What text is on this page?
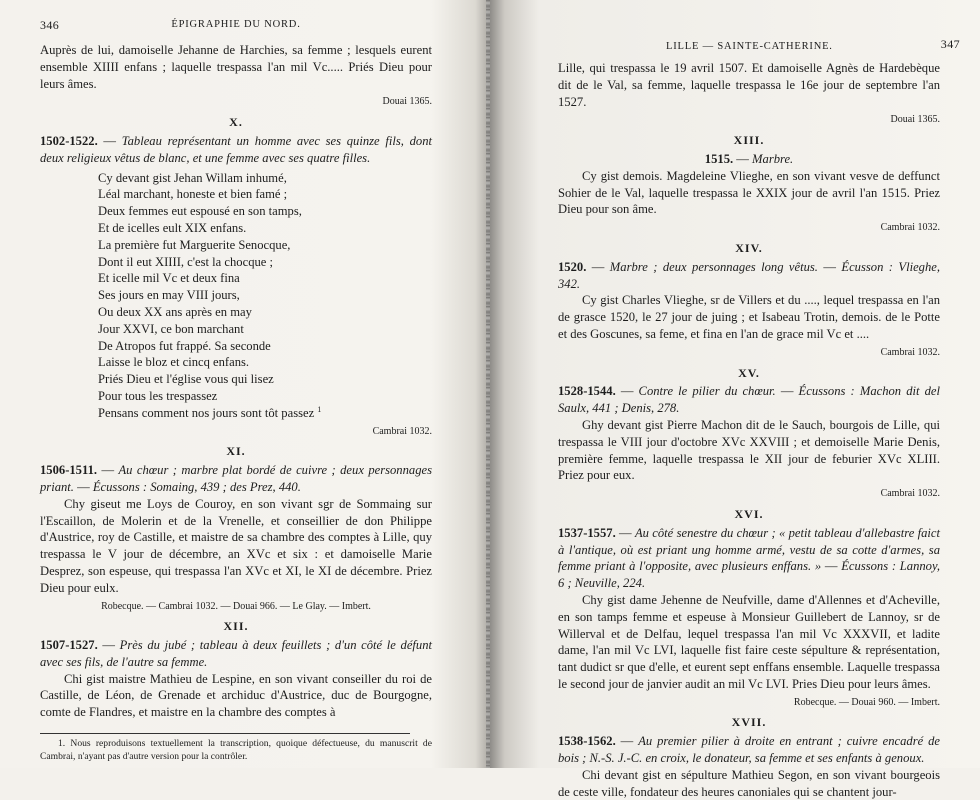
346	ÉPIGRAPHIE DU NORD.

Auprès de lui, damoiselle Jehanne de Harchies, sa femme ; lesquels eurent ensemble XIIII enfans ; laquelle trespassa l'an mil Vc..... Priés Dieu pour leurs âmes.

Douai 1365.
X.

1502-1522. — Tableau représentant un homme avec ses quinze fils, dont deux religieux vêtus de blanc, et une femme avec ses quatre filles.

Cy devant gist Jehan Willam inhumé,
Léal marchant, honeste et bien famé ;
Deux femmes eut espousé en son tamps,
Et de icelles eult XIX enfans.
La première fut Marguerite Senocque,
Dont il eut XIIII, c'est la chocque ;
Et icelle mil Vc et deux fina
Ses jours en may VIII jours,
Ou deux XX ans après en may
Jour XXVI, ce bon marchant
De Atropos fut frappé. Sa seconde
Laisse le bloz et cincq enfans.
Priés Dieu et l'église vous qui lisez
Pour tous les trespassez
Pensans comment nos jours sont tôt passez $^1$
Cambrai 1032.
XI.

1506-1511. — Au chœur ; marbre plat bordé de cuivre ; deux personnages priant. — Écussons : Somaing, 439 ; des Prez, 440.

Chy giseut me Loys de Couroy, en son vivant sgr de Sommaing sur l'Escaillon, de Molerin et de la Vrenelle, et conseillier de don Philippe d'Austrice, roy de Castille, et maistre de sa chambre des comptes à Lille, quy trespassa le V jour de décembre, an XVc et six : et damoiselle Marie Desprez, son espeuse, qui trespassa l'an XVc et XI, le XI de décembre. Priez Dieu pour eulx.

Robecque. — Cambrai 1032. — Douai 966. — Le Glay. — Imbert.
XII.

1507-1527. — Près du jubé ; tableau à deux feuillets ; d'un côté le défunt avec ses fils, de l'autre sa femme.

Chi gist maistre Mathieu de Lespine, en son vivant conseiller du roi de Castille, de Léon, de Grenade et archiduc d'Austrice, duc de Bourgogne, comte de Flandres, et maistre en la chambre des comptes à

1. Nous reproduisons textuellement la transcription, quoique défectueuse, du manuscrit de Cambrai, n'ayant pas d'autre version pour la contrôler.

LILLE — SAINTE-CATHERINE.	347

Lille, qui trespassa le 19 avril 1507. Et damoiselle Agnès de Hardebèque dit de le Val, sa femme, laquelle trespassa le 16e jour de septembre l'an 1527.

Douai 1365.
XIII.

1515. — Marbre.

Cy gist demois. Magdeleine Vlieghe, en son vivant vesve de deffunct Sohier de le Val, laquelle trespassa le XXIX jour de avril l'an 1515. Priez Dieu pour son âme.

Cambrai 1032.
XIV.

1520. — Marbre ; deux personnages long vêtus. — Écusson : Vlieghe, 342.

Cy gist Charles Vlieghe, sr de Villers et du ...., lequel trespassa en l'an de grasce 1520, le 27 jour de juing ; et Isabeau Trotin, demois. de le Potte et des Goscunes, sa feme, et fina en l'an de grace mil Vc et ....

Cambrai 1032.
XV.

1528-1544. — Contre le pilier du chœur. — Écussons : Machon dit del Saulx, 441 ; Denis, 278.

Ghy devant gist Pierre Machon dit de le Sauch, bourgois de Lille, qui trespassa le VIII jour d'octobre XVc XXVIII ; et demoiselle Marie Denis, première femme, laquelle trespassa le XII jour de feburier XVc XLIII. Priez pour eux.

Cambrai 1032.
XVI.

1537-1557. — Au côté senestre du chœur ; « petit tableau d'allebastre faict à l'antique, où est priant ung homme armé, vestu de sa cotte d'armes, sa femme priant à l'opposite, avec plusieurs enffans. » — Écussons : Lannoy, 6 ; Neuville, 224.

Chy gist dame Jehenne de Neufville, dame d'Allennes et d'Acheville, en son tamps femme et espeuse à Monsieur Guillebert de Lannoy, sr de Willerval et de Delfau, lequel trespassa l'an mil Vc XXXVII, et ladite dame, l'an mil Vc LVI, laquelle fist faire ceste sépulture & représentation, tant dudict sr que d'elle, et eurent sept enffans ensemble. Laquelle trespassa le second jour de janvier audit an mil Vc LVI. Pries Dieu pour leurs âmes.

Robecque. — Douai 960. — Imbert.
XVII.

1538-1562. — Au premier pilier à droite en entrant ; cuivre encadré de bois ; N.-S. J.-C. en croix, le donateur, sa femme et ses enfants à genoux.

Chi devant gist en sépulture Mathieu Segon, en son vivant bourgeois de ceste ville, fondateur des heures canoniales qui se chantent jour-
